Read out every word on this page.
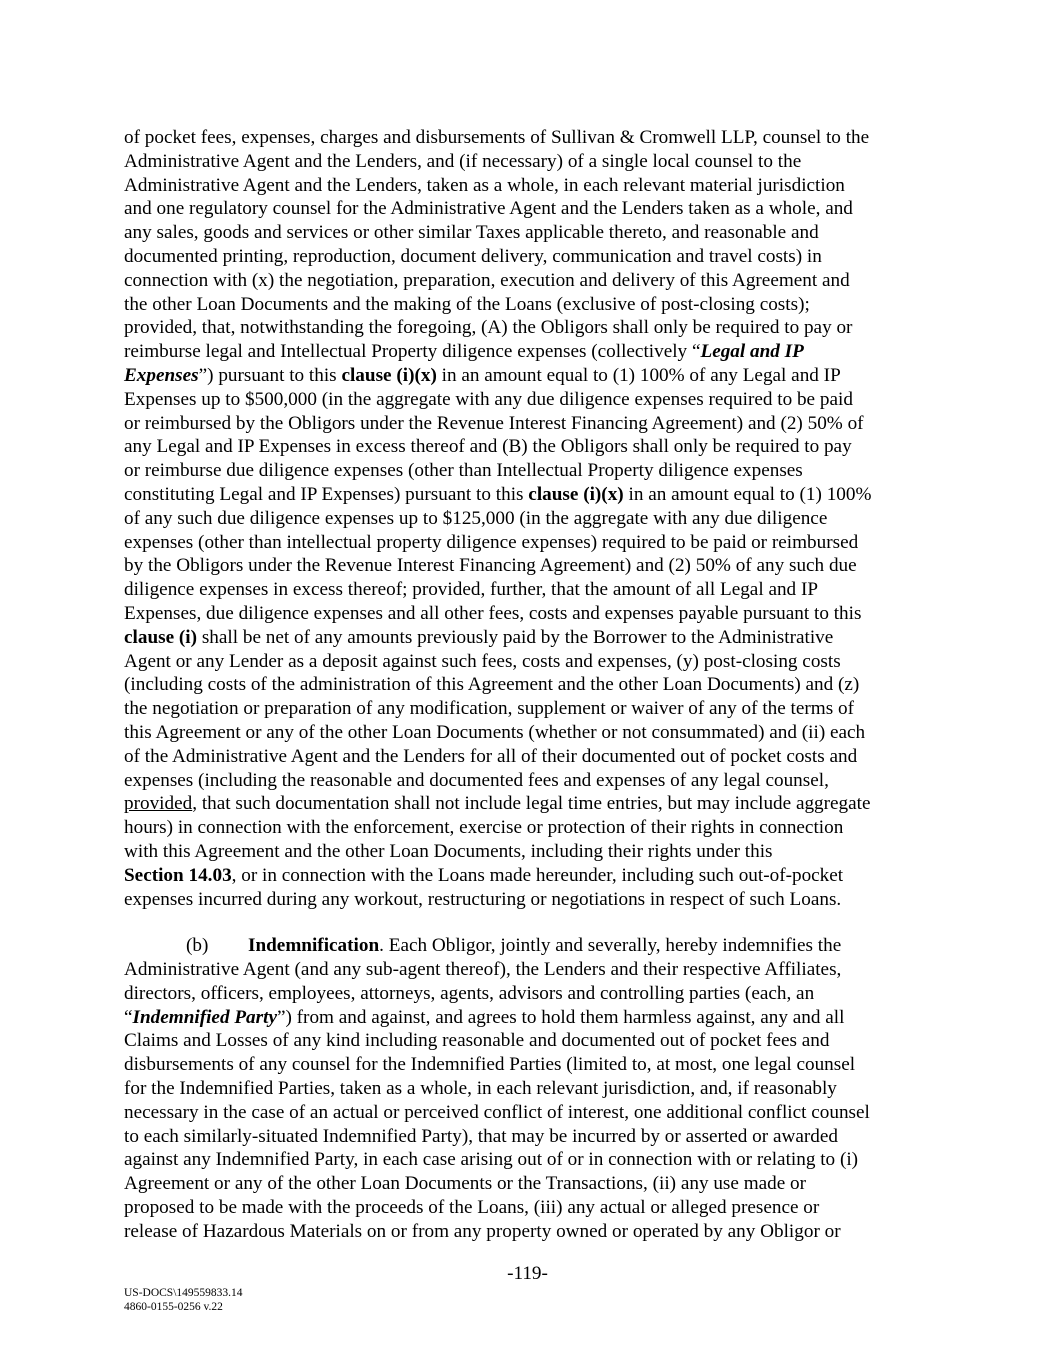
of pocket fees, expenses, charges and disbursements of Sullivan & Cromwell LLP, counsel to the
Administrative Agent and the Lenders, and (if necessary) of a single local counsel to the
Administrative Agent and the Lenders, taken as a whole, in each relevant material jurisdiction
and one regulatory counsel for the Administrative Agent and the Lenders taken as a whole, and
any sales, goods and services or other similar Taxes applicable thereto, and reasonable and
documented printing, reproduction, document delivery, communication and travel costs) in
connection with (x) the negotiation, preparation, execution and delivery of this Agreement and
the other Loan Documents and the making of the Loans (exclusive of post-closing costs);
provided, that, notwithstanding the foregoing, (A) the Obligors shall only be required to pay or
reimburse legal and Intellectual Property diligence expenses (collectively “Legal and IP
Expenses”) pursuant to this clause (i)(x) in an amount equal to (1) 100% of any Legal and IP
Expenses up to $500,000 (in the aggregate with any due diligence expenses required to be paid
or reimbursed by the Obligors under the Revenue Interest Financing Agreement) and (2) 50% of
any Legal and IP Expenses in excess thereof and (B) the Obligors shall only be required to pay
or reimburse due diligence expenses (other than Intellectual Property diligence expenses
constituting Legal and IP Expenses) pursuant to this clause (i)(x) in an amount equal to (1) 100%
of any such due diligence expenses up to $125,000 (in the aggregate with any due diligence
expenses (other than intellectual property diligence expenses) required to be paid or reimbursed
by the Obligors under the Revenue Interest Financing Agreement) and (2) 50% of any such due
diligence expenses in excess thereof; provided, further, that the amount of all Legal and IP
Expenses, due diligence expenses and all other fees, costs and expenses payable pursuant to this
clause (i) shall be net of any amounts previously paid by the Borrower to the Administrative
Agent or any Lender as a deposit against such fees, costs and expenses, (y) post-closing costs
(including costs of the administration of this Agreement and the other Loan Documents) and (z)
the negotiation or preparation of any modification, supplement or waiver of any of the terms of
this Agreement or any of the other Loan Documents (whether or not consummated) and (ii) each
of the Administrative Agent and the Lenders for all of their documented out of pocket costs and
expenses (including the reasonable and documented fees and expenses of any legal counsel,
provided, that such documentation shall not include legal time entries, but may include aggregate
hours) in connection with the enforcement, exercise or protection of their rights in connection
with this Agreement and the other Loan Documents, including their rights under this
Section 14.03, or in connection with the Loans made hereunder, including such out-of-pocket
expenses incurred during any workout, restructuring or negotiations in respect of such Loans.

(b) Indemnification. Each Obligor, jointly and severally, hereby indemnifies the
Administrative Agent (and any sub-agent thereof), the Lenders and their respective Affiliates,
directors, officers, employees, attorneys, agents, advisors and controlling parties (each, an
“Indemnified Party”) from and against, and agrees to hold them harmless against, any and all
Claims and Losses of any kind including reasonable and documented out of pocket fees and
disbursements of any counsel for the Indemnified Parties (limited to, at most, one legal counsel
for the Indemnified Parties, taken as a whole, in each relevant jurisdiction, and, if reasonably
necessary in the case of an actual or perceived conflict of interest, one additional conflict counsel
to each similarly-situated Indemnified Party), that may be incurred by or asserted or awarded
against any Indemnified Party, in each case arising out of or in connection with or relating to (i)
Agreement or any of the other Loan Documents or the Transactions, (ii) any use made or
proposed to be made with the proceeds of the Loans, (iii) any actual or alleged presence or
release of Hazardous Materials on or from any property owned or operated by any Obligor or

-119-
US-DOCS\149559833.14
4860-0155-0256 v.22
